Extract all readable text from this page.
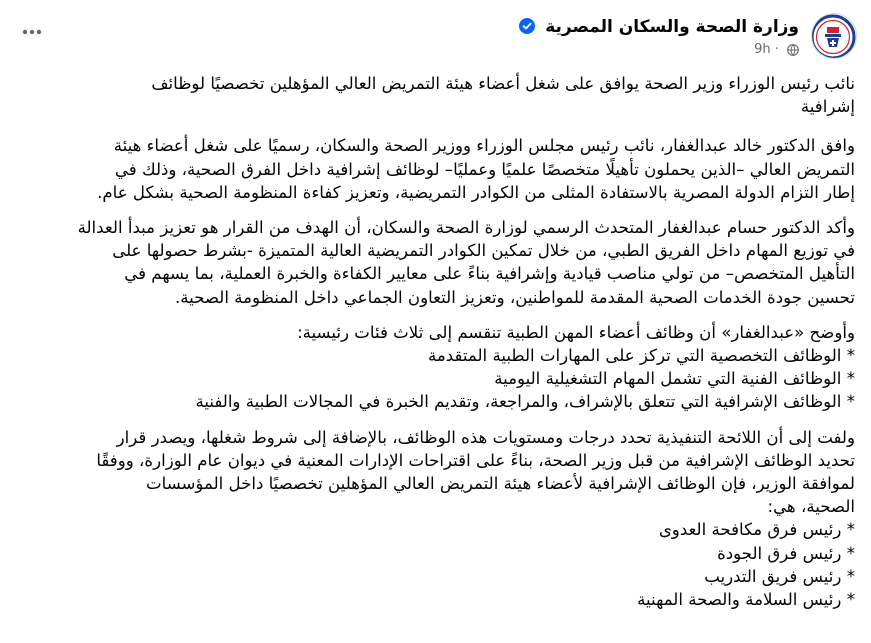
وزارة الصحة والسكان المصرية
9h ·
نائب رئيس الوزراء وزير الصحة يوافق على شغل أعضاء هيئة التمريض العالي المؤهلين تخصصيًا لوظائف
إشرافية
وافق الدكتور خالد عبدالغفار، نائب رئيس مجلس الوزراء ووزير الصحة والسكان، رسميًا على شغل أعضاء هيئة
التمريض العالي –الذين يحملون تأهيلًا متخصصًا علميًا وعمليًا– لوظائف إشرافية داخل الفرق الصحية، وذلك في
إطار التزام الدولة المصرية بالاستفادة المثلى من الكوادر التمريضية، وتعزيز كفاءة المنظومة الصحية بشكل عام.
وأكد الدكتور حسام عبدالغفار المتحدث الرسمي لوزارة الصحة والسكان، أن الهدف من القرار هو تعزيز مبدأ العدالة
في توزيع المهام داخل الفريق الطبي، من خلال تمكين الكوادر التمريضية العالية المتميزة -بشرط حصولها على
التأهيل المتخصص– من تولي مناصب قيادية وإشرافية بناءً على معايير الكفاءة والخبرة العملية، بما يسهم في
تحسين جودة الخدمات الصحية المقدمة للمواطنين، وتعزيز التعاون الجماعي داخل المنظومة الصحية.
وأوضح «عبدالغفار» أن وظائف أعضاء المهن الطبية تنقسم إلى ثلاث فئات رئيسية:
* الوظائف التخصصية التي تركز على المهارات الطبية المتقدمة
* الوظائف الفنية التي تشمل المهام التشغيلية اليومية
* الوظائف الإشرافية التي تتعلق بالإشراف، والمراجعة، وتقديم الخبرة في المجالات الطبية والفنية
ولفت إلى أن اللائحة التنفيذية تحدد درجات ومستويات هذه الوظائف، بالإضافة إلى شروط شغلها، ويصدر قرار
تحديد الوظائف الإشرافية من قبل وزير الصحة، بناءً على اقتراحات الإدارات المعنية في ديوان عام الوزارة، ووفقًا
لموافقة الوزير، فإن الوظائف الإشرافية لأعضاء هيئة التمريض العالي المؤهلين تخصصيًا داخل المؤسسات
الصحية، هي:
* رئيس فرق مكافحة العدوى
* رئيس فرق الجودة
* رئيس فريق التدريب
* رئيس السلامة والصحة المهنية
